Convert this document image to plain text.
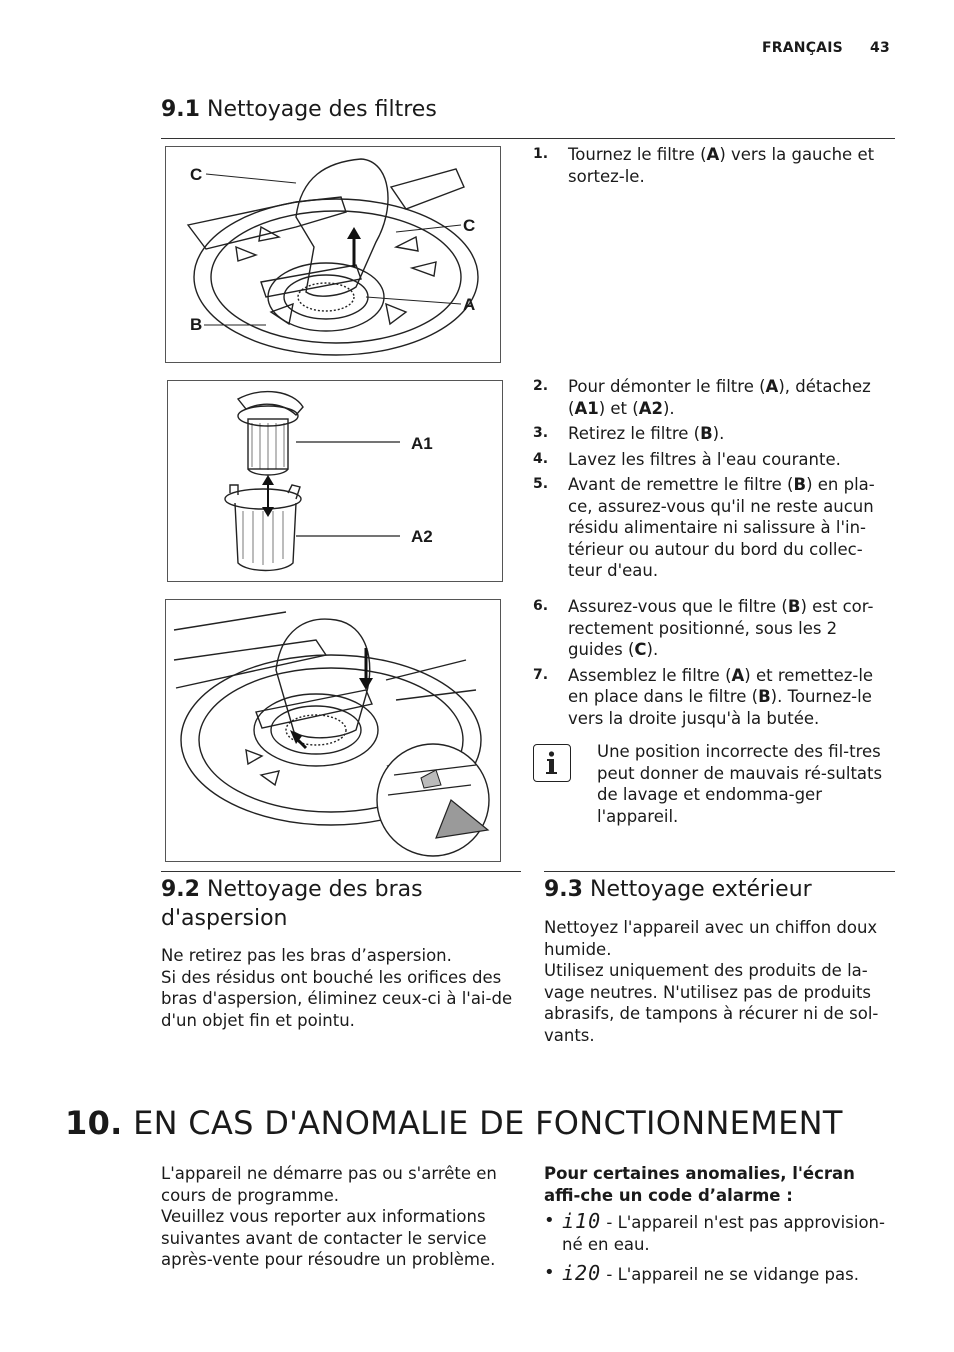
FRANÇAIS 43
9.1 Nettoyage des filtres
C
C
A
B
1. Tournez le filtre (A) vers la gauche et sortez-le.
A1
A2
2. Pour démonter le filtre (A), détachez (A1) et (A2).
3. Retirez le filtre (B).
4. Lavez les filtres à l'eau courante.
5. Avant de remettre le filtre (B) en pla-ce, assurez-vous qu'il ne reste aucun résidu alimentaire ni salissure à l'in-térieur ou autour du bord du collec-teur d'eau.
6. Assurez-vous que le filtre (B) est cor-rectement positionné, sous les 2 guides (C).
7. Assemblez le filtre (A) et remettez-le en place dans le filtre (B). Tournez-le vers la droite jusqu'à la butée.
Une position incorrecte des fil-tres peut donner de mauvais ré-sultats de lavage et endomma-ger l'appareil.
9.2 Nettoyage des bras d'aspersion
Ne retirez pas les bras d’aspersion.
Si des résidus ont bouché les orifices des bras d'aspersion, éliminez ceux-ci à l'ai-de d'un objet fin et pointu.
9.3 Nettoyage extérieur
Nettoyez l'appareil avec un chiffon doux humide.
Utilisez uniquement des produits de la-vage neutres. N'utilisez pas de produits abrasifs, de tampons à récurer ni de sol-vants.
10. EN CAS D'ANOMALIE DE FONCTIONNEMENT
L'appareil ne démarre pas ou s'arrête en cours de programme.
Veuillez vous reporter aux informations suivantes avant de contacter le service après-vente pour résoudre un problème.
Pour certaines anomalies, l'écran affi-che un code d’alarme :
• i10 - L'appareil n'est pas approvision-né en eau.
• i20 - L'appareil ne se vidange pas.
